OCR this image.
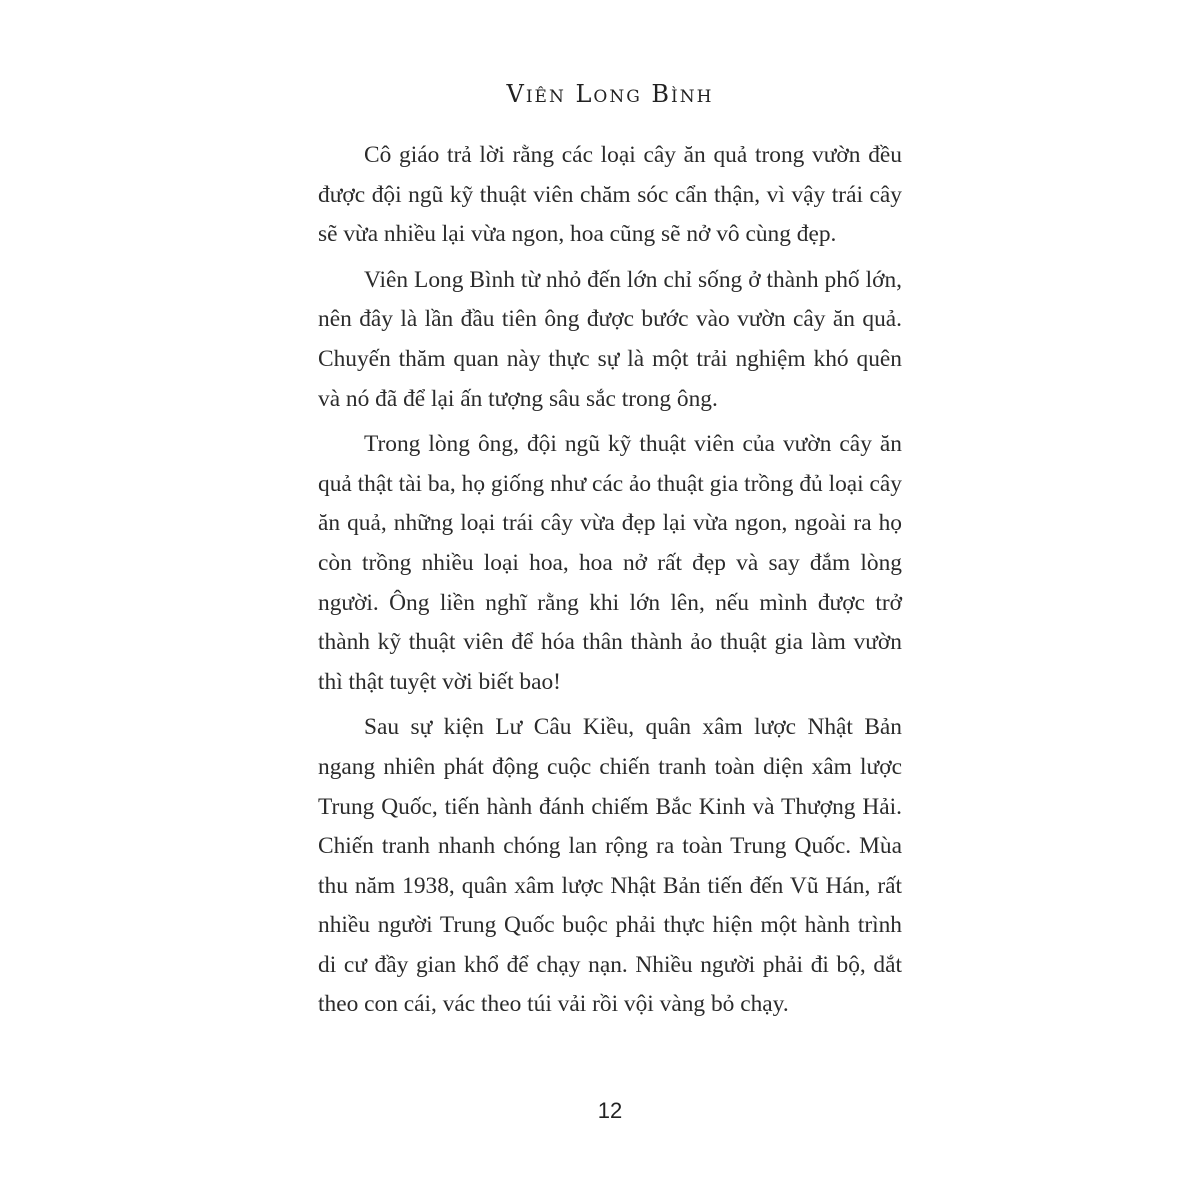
Viên Long Bình

Cô giáo trả lời rằng các loại cây ăn quả trong vườn đều được đội ngũ kỹ thuật viên chăm sóc cẩn thận, vì vậy trái cây sẽ vừa nhiều lại vừa ngon, hoa cũng sẽ nở vô cùng đẹp.

Viên Long Bình từ nhỏ đến lớn chỉ sống ở thành phố lớn, nên đây là lần đầu tiên ông được bước vào vườn cây ăn quả. Chuyến thăm quan này thực sự là một trải nghiệm khó quên và nó đã để lại ấn tượng sâu sắc trong ông.

Trong lòng ông, đội ngũ kỹ thuật viên của vườn cây ăn quả thật tài ba, họ giống như các ảo thuật gia trồng đủ loại cây ăn quả, những loại trái cây vừa đẹp lại vừa ngon, ngoài ra họ còn trồng nhiều loại hoa, hoa nở rất đẹp và say đắm lòng người. Ông liền nghĩ rằng khi lớn lên, nếu mình được trở thành kỹ thuật viên để hóa thân thành ảo thuật gia làm vườn thì thật tuyệt vời biết bao!

Sau sự kiện Lư Câu Kiều, quân xâm lược Nhật Bản ngang nhiên phát động cuộc chiến tranh toàn diện xâm lược Trung Quốc, tiến hành đánh chiếm Bắc Kinh và Thượng Hải. Chiến tranh nhanh chóng lan rộng ra toàn Trung Quốc. Mùa thu năm 1938, quân xâm lược Nhật Bản tiến đến Vũ Hán, rất nhiều người Trung Quốc buộc phải thực hiện một hành trình di cư đầy gian khổ để chạy nạn. Nhiều người phải đi bộ, dắt theo con cái, vác theo túi vải rồi vội vàng bỏ chạy.

12
